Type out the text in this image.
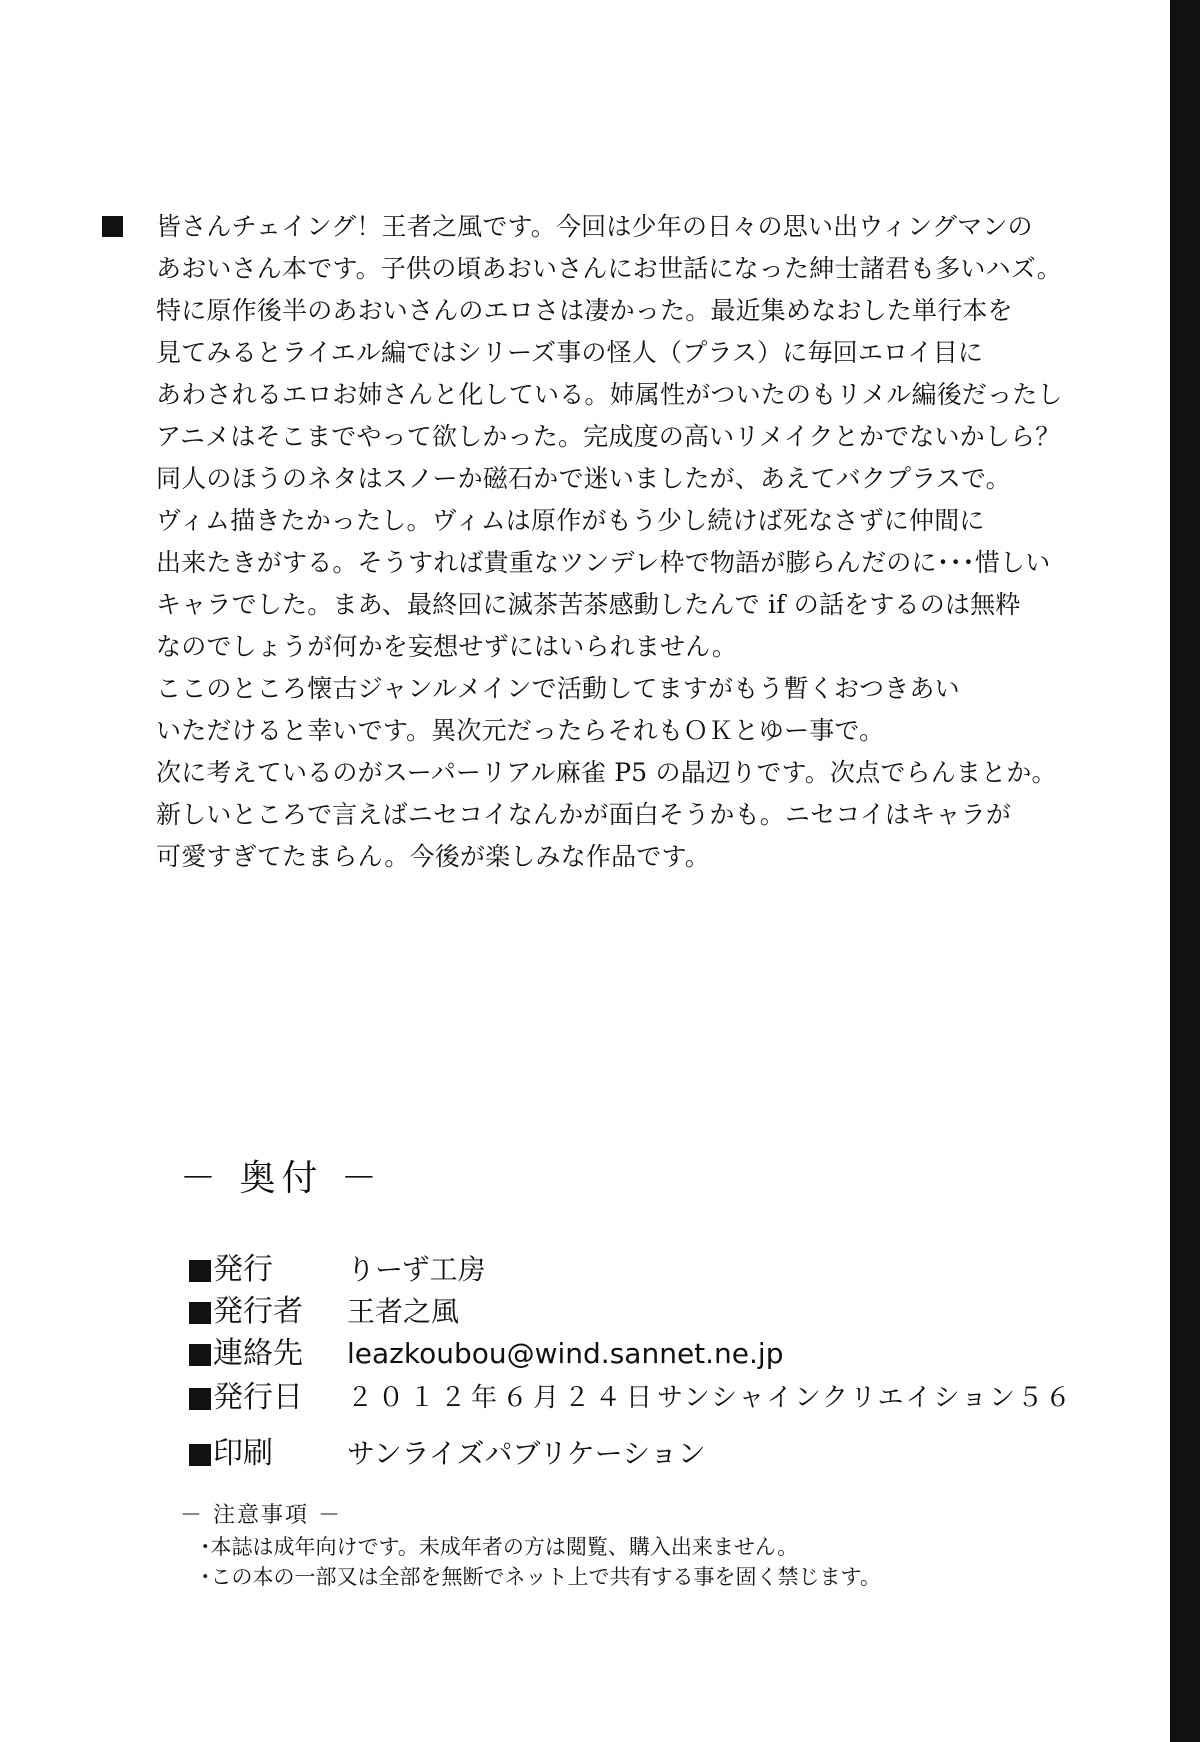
皆さんチェイング！王者之風です。今回は少年の日々の思い出ウィングマンの
あおいさん本です。子供の頃あおいさんにお世話になった紳士諸君も多いハズ。
特に原作後半のあおいさんのエロさは凄かった。最近集めなおした単行本を
見てみるとライエル編ではシリーズ事の怪人（プラス）に毎回エロイ目に
あわされるエロお姉さんと化している。姉属性がついたのもリメル編後だったし
アニメはそこまでやって欲しかった。完成度の高いリメイクとかでないかしら？
同人のほうのネタはスノーか磁石かで迷いましたが、あえてバクプラスで。
ヴィム描きたかったし。ヴィムは原作がもう少し続けば死なさずに仲間に
出来たきがする。そうすれば貴重なツンデレ枠で物語が膨らんだのに･･･惜しい
キャラでした。まあ、最終回に滅茶苦茶感動したんで if の話をするのは無粋
なのでしょうが何かを妄想せずにはいられません。
ここのところ懐古ジャンルメインで活動してますがもう暫くおつきあい
いただけると幸いです。異次元だったらそれもＯＫとゆー事で。
次に考えているのがスーパーリアル麻雀 P5 の晶辺りです。次点でらんまとか。
新しいところで言えばニセコイなんかが面白そうかも。ニセコイはキャラが
可愛すぎてたまらん。今後が楽しみな作品です。
－ 奥付 －
発行	りーず工房
発行者 王者之風
連絡先 leazkoubou@wind.sannet.ne.jp
発行日 ２０１２年６月２４日 サンシャインクリエイション５６
印刷	サンライズパブリケーション
－ 注意事項 －
･本誌は成年向けです。未成年者の方は閲覧、購入出来ません。
･この本の一部又は全部を無断でネット上で共有する事を固く禁じます。
